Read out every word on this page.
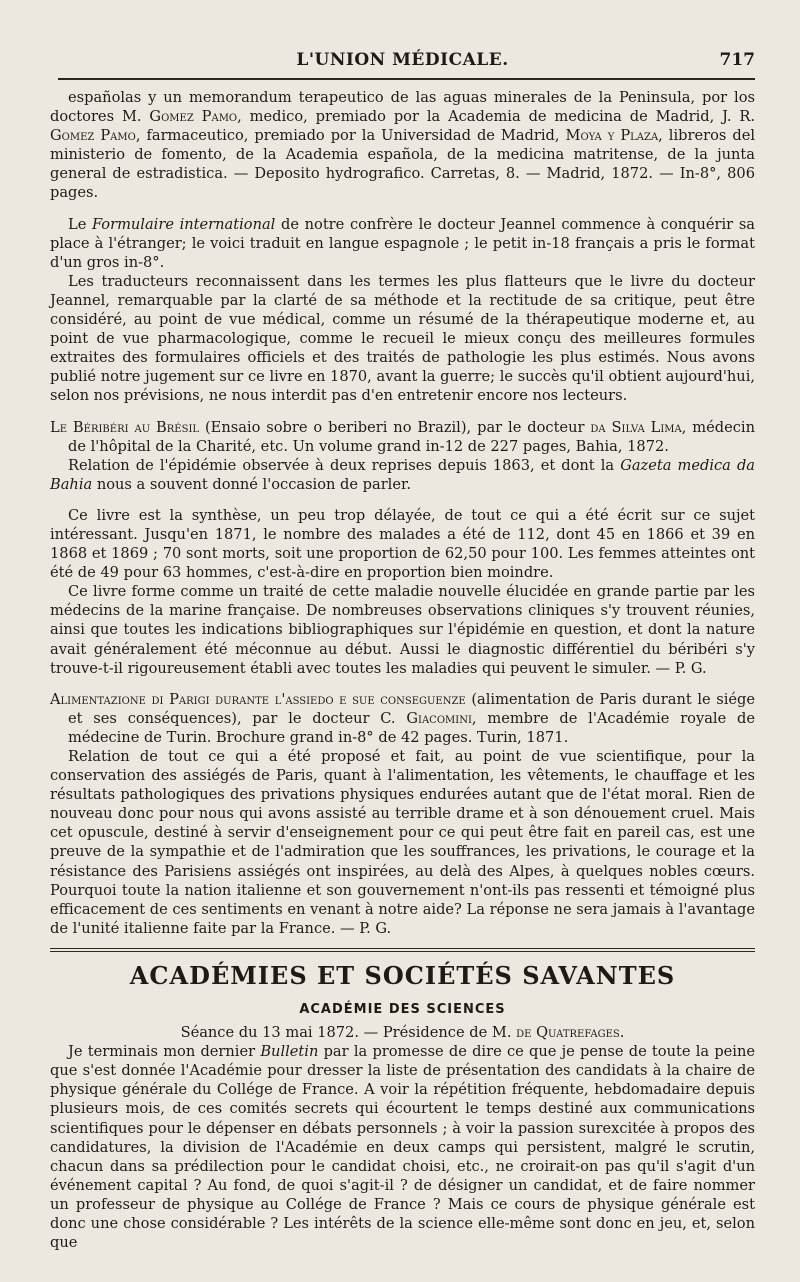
L'UNION MÉDICALE.	717

españolas y un memorandum terapeutico de las aguas minerales de la Peninsula, por los doctores M. Gomez Pamo, medico, premiado por la Academia de medicina de Madrid, J. R. Gomez Pamo, farmaceutico, premiado por la Universidad de Madrid, Moya y Plaza, libreros del ministerio de fomento, de la Academia española, de la medicina matritense, de la junta general de estradistica. — Deposito hydrografico. Carretas, 8. — Madrid, 1872. — In-8°, 806 pages.

Le Formulaire international de notre confrère le docteur Jeannel commence à conquérir sa place à l'étranger; le voici traduit en langue espagnole ; le petit in-18 français a pris le format d'un gros in-8°.

Les traducteurs reconnaissent dans les termes les plus flatteurs que le livre du docteur Jeannel, remarquable par la clarté de sa méthode et la rectitude de sa critique, peut être considéré, au point de vue médical, comme un résumé de la thérapeutique moderne et, au point de vue pharmacologique, comme le recueil le mieux conçu des meilleures formules extraites des formulaires officiels et des traités de pathologie les plus estimés. Nous avons publié notre jugement sur ce livre en 1870, avant la guerre; le succès qu'il obtient aujourd'hui, selon nos prévisions, ne nous interdit pas d'en entretenir encore nos lecteurs.

Le Béribéri au Brésil (Ensaio sobre o beriberi no Brazil), par le docteur da Silva Lima, médecin de l'hôpital de la Charité, etc. Un volume grand in-12 de 227 pages, Bahia, 1872.

Relation de l'épidémie observée à deux reprises depuis 1863, et dont la Gazeta medica da Bahia nous a souvent donné l'occasion de parler.

Ce livre est la synthèse, un peu trop délayée, de tout ce qui a été écrit sur ce sujet intéressant. Jusqu'en 1871, le nombre des malades a été de 112, dont 45 en 1866 et 39 en 1868 et 1869 ; 70 sont morts, soit une proportion de 62,50 pour 100. Les femmes atteintes ont été de 49 pour 63 hommes, c'est-à-dire en proportion bien moindre.

Ce livre forme comme un traité de cette maladie nouvelle élucidée en grande partie par les médecins de la marine française. De nombreuses observations cliniques s'y trouvent réunies, ainsi que toutes les indications bibliographiques sur l'épidémie en question, et dont la nature avait généralement été méconnue au début. Aussi le diagnostic différentiel du béribéri s'y trouve-t-il rigoureusement établi avec toutes les maladies qui peuvent le simuler. — P. G.

Alimentazione di Parigi durante l'assiedo e sue conseguenze (alimentation de Paris durant le siége et ses conséquences), par le docteur C. Giacomini, membre de l'Académie royale de médecine de Turin. Brochure grand in-8° de 42 pages. Turin, 1871.

Relation de tout ce qui a été proposé et fait, au point de vue scientifique, pour la conservation des assiégés de Paris, quant à l'alimentation, les vêtements, le chauffage et les résultats pathologiques des privations physiques endurées autant que de l'état moral. Rien de nouveau donc pour nous qui avons assisté au terrible drame et à son dénouement cruel. Mais cet opuscule, destiné à servir d'enseignement pour ce qui peut être fait en pareil cas, est une preuve de la sympathie et de l'admiration que les souffrances, les privations, le courage et la résistance des Parisiens assiégés ont inspirées, au delà des Alpes, à quelques nobles cœurs. Pourquoi toute la nation italienne et son gouvernement n'ont-ils pas ressenti et témoigné plus efficacement de ces sentiments en venant à notre aide? La réponse ne sera jamais à l'avantage de l'unité italienne faite par la France. — P. G.

ACADÉMIES ET SOCIÉTÉS SAVANTES
ACADÉMIE DES SCIENCES

Séance du 13 mai 1872. — Présidence de M. de Quatrefages.

Je terminais mon dernier Bulletin par la promesse de dire ce que je pense de toute la peine que s'est donnée l'Académie pour dresser la liste de présentation des candidats à la chaire de physique générale du Collége de France. A voir la répétition fréquente, hebdomadaire depuis plusieurs mois, de ces comités secrets qui écourtent le temps destiné aux communications scientifiques pour le dépenser en débats personnels ; à voir la passion surexcitée à propos des candidatures, la division de l'Académie en deux camps qui persistent, malgré le scrutin, chacun dans sa prédilection pour le candidat choisi, etc., ne croirait-on pas qu'il s'agit d'un événement capital ? Au fond, de quoi s'agit-il ? de désigner un candidat, et de faire nommer un professeur de physique au Collége de France ? Mais ce cours de physique générale est donc une chose considérable ? Les intérêts de la science elle-même sont donc en jeu, et, selon que
